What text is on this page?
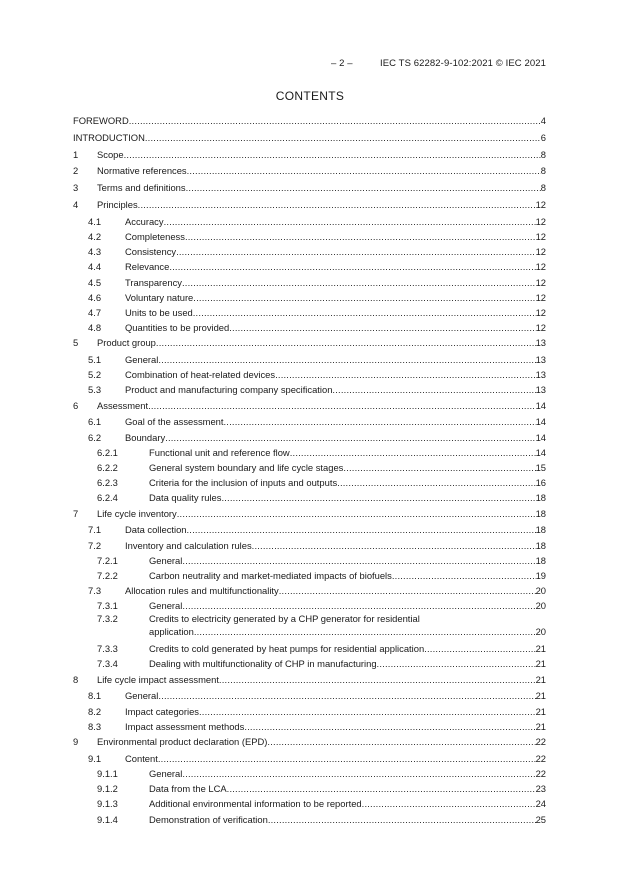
– 2 –          IEC TS 62282-9-102:2021 © IEC 2021
CONTENTS
FOREWORD .....	4
INTRODUCTION .....	6
1	Scope .....	8
2	Normative references .....	8
3	Terms and definitions .....	8
4	Principles .....	12
4.1	Accuracy .....	12
4.2	Completeness .....	12
4.3	Consistency .....	12
4.4	Relevance .....	12
4.5	Transparency .....	12
4.6	Voluntary nature .....	12
4.7	Units to be used .....	12
4.8	Quantities to be provided .....	12
5	Product group .....	13
5.1	General .....	13
5.2	Combination of heat-related devices .....	13
5.3	Product and manufacturing company specification .....	13
6	Assessment .....	14
6.1	Goal of the assessment .....	14
6.2	Boundary .....	14
6.2.1	Functional unit and reference flow .....	14
6.2.2	General system boundary and life cycle stages .....	15
6.2.3	Criteria for the inclusion of inputs and outputs .....	16
6.2.4	Data quality rules .....	18
7	Life cycle inventory .....	18
7.1	Data collection .....	18
7.2	Inventory and calculation rules .....	18
7.2.1	General .....	18
7.2.2	Carbon neutrality and market-mediated impacts of biofuels .....	19
7.3	Allocation rules and multifunctionality .....	20
7.3.1	General .....	20
7.3.2	Credits to electricity generated by a CHP generator for residential
application .....	20
7.3.3	Credits to cold generated by heat pumps for residential application .....	21
7.3.4	Dealing with multifunctionality of CHP in manufacturing .....	21
8	Life cycle impact assessment .....	21
8.1	General .....	21
8.2	Impact categories .....	21
8.3	Impact assessment methods .....	21
9	Environmental product declaration (EPD) .....	22
9.1	Content .....	22
9.1.1	General .....	22
9.1.2	Data from the LCA .....	23
9.1.3	Additional environmental information to be reported .....	24
9.1.4	Demonstration of verification .....	25
